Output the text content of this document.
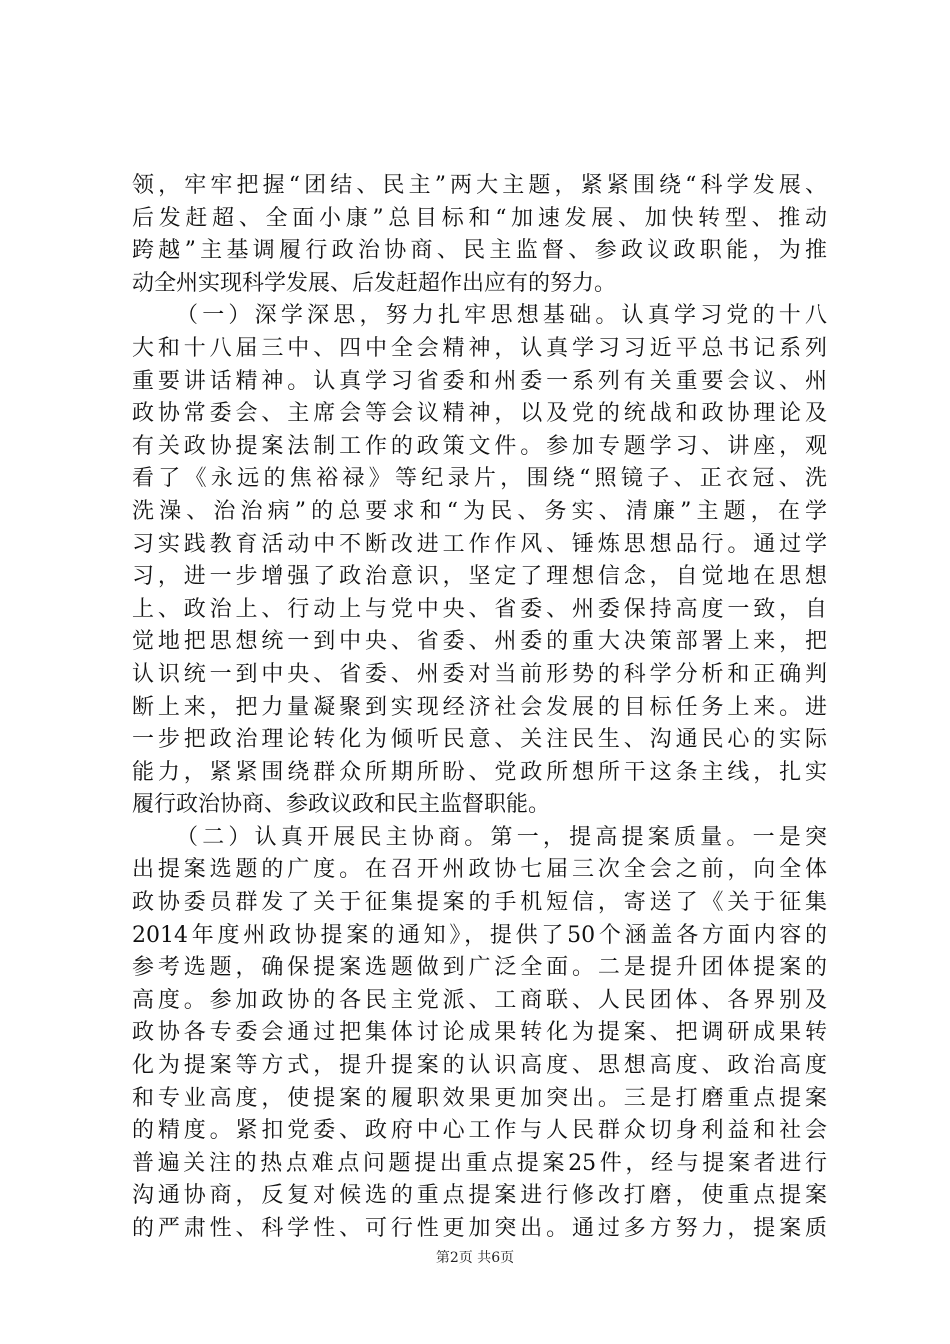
领，牢牢把握“团结、民主”两大主题，紧紧围绕“科学发展、
后发赶超、全面小康”总目标和“加速发展、加快转型、推动
跨越”主基调履行政治协商、民主监督、参政议政职能，为推
动全州实现科学发展、后发赶超作出应有的努力。
（一）深学深思，努力扎牢思想基础。认真学习党的十八
大和十八届三中、四中全会精神，认真学习习近平总书记系列
重要讲话精神。认真学习省委和州委一系列有关重要会议、州
政协常委会、主席会等会议精神，以及党的统战和政协理论及
有关政协提案法制工作的政策文件。参加专题学习、讲座，观
看了《永远的焦裕禄》等纪录片，围绕“照镜子、正衣冠、洗
洗澡、治治病”的总要求和“为民、务实、清廉”主题，在学
习实践教育活动中不断改进工作作风、锤炼思想品行。通过学
习，进一步增强了政治意识，坚定了理想信念，自觉地在思想
上、政治上、行动上与党中央、省委、州委保持高度一致，自
觉地把思想统一到中央、省委、州委的重大决策部署上来，把
认识统一到中央、省委、州委对当前形势的科学分析和正确判
断上来，把力量凝聚到实现经济社会发展的目标任务上来。进
一步把政治理论转化为倾听民意、关注民生、沟通民心的实际
能力，紧紧围绕群众所期所盼、党政所想所干这条主线，扎实
履行政治协商、参政议政和民主监督职能。
（二）认真开展民主协商。第一，提高提案质量。一是突
出提案选题的广度。在召开州政协七届三次全会之前，向全体
政协委员群发了关于征集提案的手机短信，寄送了《关于征集
2014年度州政协提案的通知》，提供了50个涵盖各方面内容的
参考选题，确保提案选题做到广泛全面。二是提升团体提案的
高度。参加政协的各民主党派、工商联、人民团体、各界别及
政协各专委会通过把集体讨论成果转化为提案、把调研成果转
化为提案等方式，提升提案的认识高度、思想高度、政治高度
和专业高度，使提案的履职效果更加突出。三是打磨重点提案
的精度。紧扣党委、政府中心工作与人民群众切身利益和社会
普遍关注的热点难点问题提出重点提案25件，经与提案者进行
沟通协商，反复对候选的重点提案进行修改打磨，使重点提案
的严肃性、科学性、可行性更加突出。通过多方努力，提案质
第2页 共6页
